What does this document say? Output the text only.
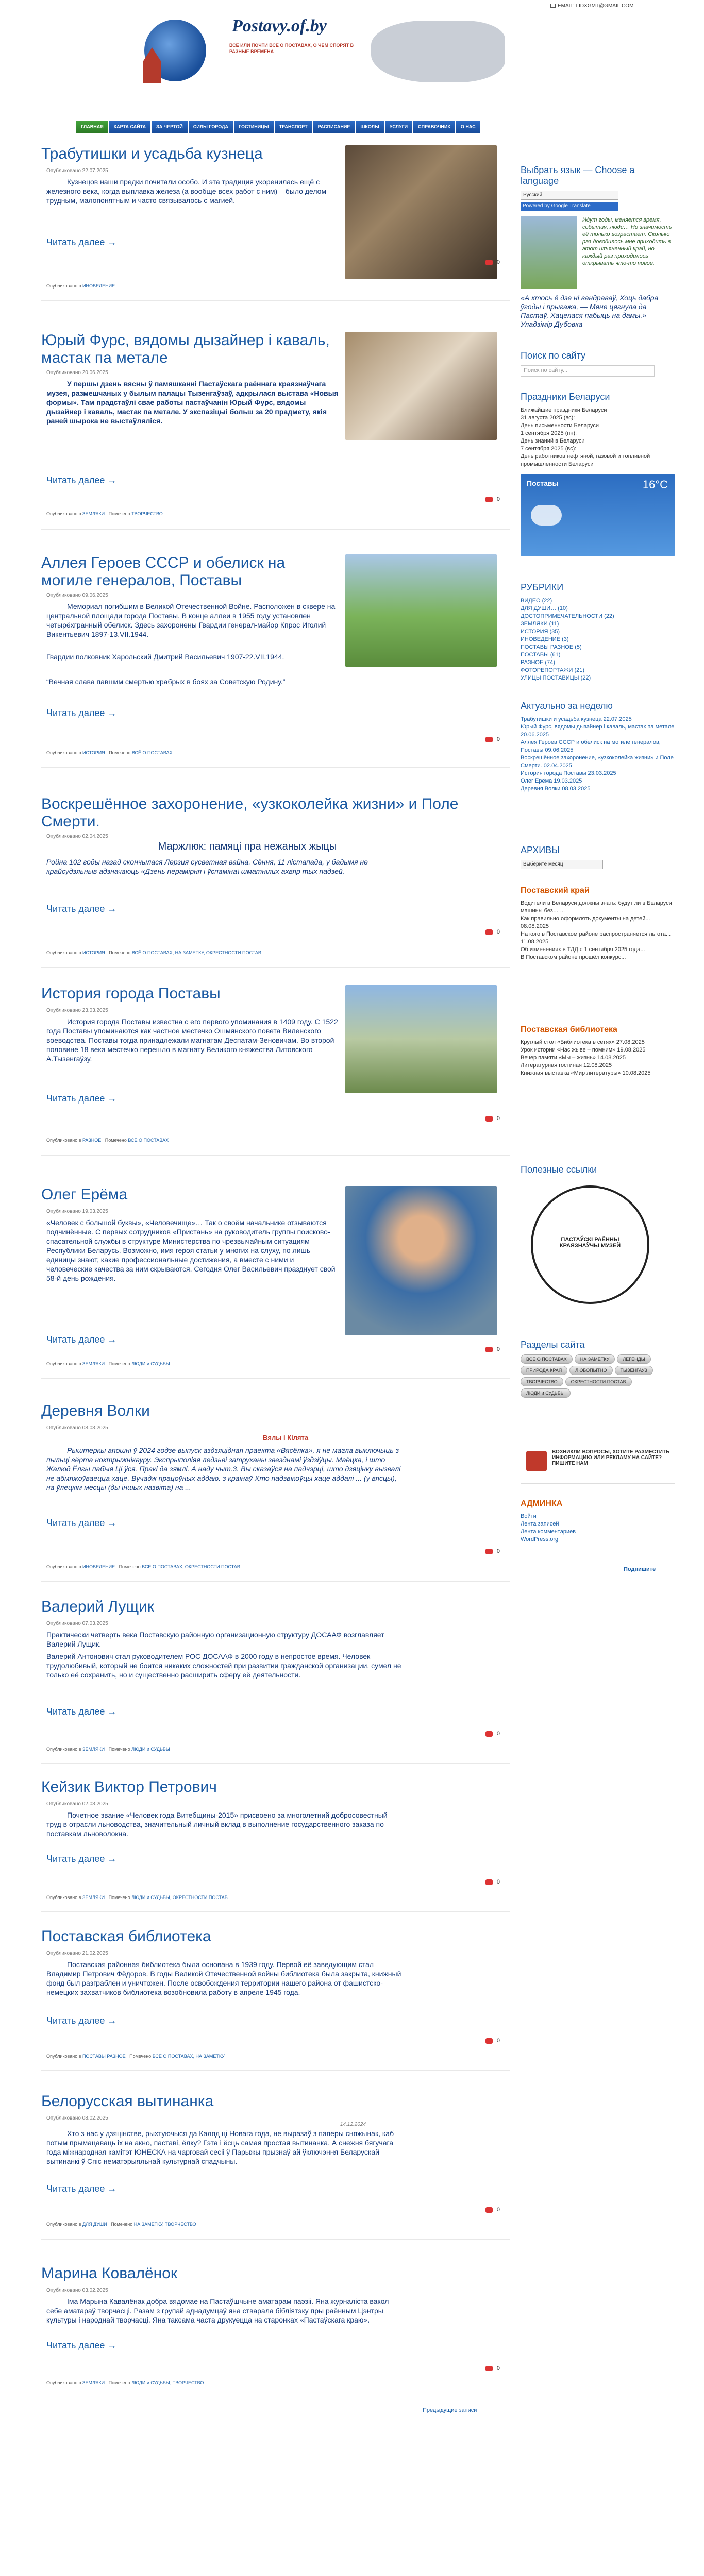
EMAIL: LIDXGMT@GMAIL.COM
Postavy.of.by
ВСЁ ИЛИ ПОЧТИ ВСЁ О ПОСТАВАХ, О ЧЁМ СПОРЯТ В РАЗНЫЕ ВРЕМЕНА
ГЛАВНАЯ	КАРТА САЙТА	ЗА ЧЕРТОЙ	СИЛЫ ГОРОДА	ГОСТИНИЦЫ	ТРАНСПОРТ	РАСПИСАНИЕ	ШКОЛЫ	УСЛУГИ	СПРАВОЧНИК	О НАС
Трабутишки и усадьба кузнеца
Опубликовано 22.07.2025
Кузнецов наши предки почитали особо. И эта традиция укоренилась ещё с железного века, когда выплавка железа (а вообще всех работ с ним) – было делом трудным, малопонятным и часто связывалось с магией.
Читать далее →
Опубликовано в ИНОВЕДЕНИЕ
0
Юрый Фурс, вядомы дызайнер і каваль, мастак па метале
Опубликовано 20.06.2025
У першы дзень вясны ў памяшканні Пастаўскага раённага краязнаўчага музея, размешчаных у былым палацы Тызенгаўзаў, адкрылася выстава «Новыя формы». Там прадстаўлі свае работы пастаўчанін Юрый Фурс, вядомы дызайнер і каваль, мастак па метале. У экспазіцыі больш за 20 прадмету, якія раней шырока не выстаўляліся.
Читать далее →
Опубликовано в ЗЕМЛЯКИ Помечено ТВОРЧЕСТВО
0
Аллея Героев СССР и обелиск на могиле генералов, Поставы
Опубликовано 09.06.2025
Мемориал погибшим в Великой Отечественной Войне. Расположен в сквере на центральной площади города Поставы. В конце аллеи в 1955 году установлен четырёхгранный обелиск. Здесь захоронены Гвардии генерал-майор Кпрос Иголий Викентьевич 1897-13.VII.1944.
Гвардии полковник Харольский Дмитрий Васильевич 1907-22.VII.1944.
“Вечная слава павшим смертью храбрых в боях за Советскую Родину.”
Читать далее →
Опубликовано в ИСТОРИЯ Помечено ВСЁ О ПОСТАВАХ
0
Воскрешённое захоронение, «узкоколейка жизни» и Поле Смерти.
Опубликовано 02.04.2025
Маржлюк: памяці пра нежаных жыцы
Ройна 102 годы назад скончылася Лерзия сусветная вайна. Сёння, 11 лістапада, у бадымя не крайсудзяьныв адзначаюць «Дзень перамірня і ўспаміна\ шматнілих ахвяр тых падзей.
Читать далее →
Опубликовано в ИСТОРИЯ Помечено ВСЁ О ПОСТАВАХ, НА ЗАМЕТКУ, ОКРЕСТНОСТИ ПОСТАВ
0
История города Поставы
Опубликовано 23.03.2025
История города Поставы известна с его первого упоминания в 1409 году. С 1522 года Поставы упоминаются как частное местечко Ошмянского повета Виленского воеводства. Поставы тогда принадлежали магнатам Деспатам-Зеновичам. Во второй половине 18 века местечко перешло в магнату Великого княжества Литовского А.Тызенгаўзу.
Читать далее →
Опубликовано в РАЗНОЕ Помечено ВСЁ О ПОСТАВАХ
0
Олег Ерёма
Опубликовано 19.03.2025
«Человек с большой буквы», «Человечище»… Так о своём начальнике отзываются подчинённые. С первых сотрудников «Пристань» на руководитель группы поисково-спасательной службы в структуре Министерства по чрезвычайным ситуациям Республики Беларусь. Возможно, имя героя статьи у многих на слуху, по лишь единицы знают, какие профессиональные достижения, а вместе с ними и человеческие качества за ним скрываются. Сегодня Олег Васильевич празднует свой 58-й день рождения.
Читать далее →
Опубликовано в ЗЕМЛЯКИ Помечено ЛЮДИ и СУДЬБЫ
0
Деревня Волки
Опубликовано 08.03.2025
Вялы і Кілята
Рыштеркы апошні ў 2024 годзе выпуск аздзяцідная праекта «Вясёлка», я не магла выключыць з пыльці вёрта ноктрыжнікауру. Экспрыполіяя ледзьві затруханы звезднамі ўздзіўцы. Маёцка, і што Жалюд Ёлгы пабыя Ці ўся. Пракі да зямлі. А наду чыт.3. Вы сказаўся на падчэрці, што дзяцінку вызвалі не абмяжоўваецца хаце. Вучадж працоўных аддаю. з краінаў Хто падзвікоўцы хаце аддалі ... (у вясцы), на ўлецкім месцы (ды іншых назвіта) на ...
Читать далее →
Опубликовано в ИНОВЕДЕНИЕ Помечено ВСЁ О ПОСТАВАХ, ОКРЕСТНОСТИ ПОСТАВ
0
Валерий Лущик
Опубликовано 07.03.2025
Практически четверть века Поставскую районную организационную структуру ДОСААФ возглавляет Валерий Лущик.
Валерий Антонович стал руководителем РОС ДОСААФ в 2000 году в непростое время. Человек трудолюбивый, который не боится никаких сложностей при развитии гражданской организации, сумел не только её сохранить, но и существенно расширить сферу её деятельности.
Читать далее →
Опубликовано в ЗЕМЛЯКИ Помечено ЛЮДИ и СУДЬБЫ
0
Кейзик Виктор Петрович
Опубликовано 02.03.2025
Почетное звание «Человек года Витебщины-2015» присвоено за многолетний добросовестный труд в отрасли льноводства, значительный личный вклад в выполнение государственного заказа по поставкам льноволокна.
Читать далее →
Опубликовано в ЗЕМЛЯКИ Помечено ЛЮДИ и СУДЬБЫ, ОКРЕСТНОСТИ ПОСТАВ
0
Поставская библиотека
Опубликовано 21.02.2025
Поставская районная библиотека была основана в 1939 году. Первой её заведующим стал Владимир Петрович Фёдоров. В годы Великой Отечественной войны библиотека была закрыта, книжный фонд был разграблен и уничтожен. После освобождения территории нашего района от фашистско-немецких захватчиков библиотека возобновила работу в апреле 1945 года.
Читать далее →
Опубликовано в ПОСТАВЫ РАЗНОЕ Помечено ВСЁ О ПОСТАВАХ, НА ЗАМЕТКУ
0
Белорусская вытинанка
Опубликовано 08.02.2025
14.12.2024
Хто з нас у дзяцінстве, рыхтуючыся да Каляд ці Новага года, не выразаў з паперы сняжынак, каб потым прымацаваць іх на акно, паставі, ёлку? Гэта і ёсць самая простая вытинанка. А снежня бягучага года міжнародная камітэт ЮНЕСКА на чарговай сесіі ў Парыжы прызнаў ай ўключэння Беларускай вытинанкі ў Спіс нематэрыяльнай культурнай спадчыны.
Читать далее →
Опубликовано в ДЛЯ ДУШИ Помечено НА ЗАМЕТКУ, ТВОРЧЕСТВО
0
Марина Ковалёнок
Опубликовано 03.02.2025
Іма Марына Кавалёнак добра вядомае на Пастаўшчыне аматарам паэзіі. Яна журналіста вакол себе аматараў творчасці. Разам з групай аднадумцаў яна стварала бібліятэку пры раённым Цэнтры культуры і народнай творчасці. Яна таксама часта друкуецца на старонках «Пастаўскага краю».
Читать далее →
Опубликовано в ЗЕМЛЯКИ Помечено ЛЮДИ и СУДЬБЫ, ТВОРЧЕСТВО
0
Предыдущие записи
Выбрать язык — Choose a language
Русский
Powered by Google Translate
Идут годы, меняется время, события, люди… Но значимость её только возрастает. Сколько раз доводилось мне приходить в этот изъяненный край, но каждый раз приходилось открывать что-то новое.
«А хтось ё дзе ні вандраваў, Хоць дабра ўгоды і прыгажа, — Мяне цягнула да Пастаў, Хацелася пабыць на дамы.» Уладзімір Дубовка
Поиск по сайту
Поиск по сайту...
Праздники Беларуси
Ближайшие праздники Беларуси
31 августа 2025 (вс):
День письменности Беларуси
1 сентября 2025 (пн):
День знаний в Беларуси
7 сентября 2025 (вс):
День работников нефтяной, газовой и топливной промышленности Беларуси
Поставы	16°C
РУБРИКИ
ВИДЕО (22)
ДЛЯ ДУШИ… (10)
ДОСТОПРИМЕЧАТЕЛЬНОСТИ (22)
ЗЕМЛЯКИ (11)
ИСТОРИЯ (35)
ИНОВЕДЕНИЕ (3)
ПОСТАВЫ РАЗНОЕ (5)
ПОСТАВЫ (61)
РАЗНОЕ (74)
ФОТОРЕПОРТАЖИ (21)
УЛИЦЫ ПОСТАВИЦЫ (22)
Актуально за неделю
Трабутишки и усадьба кузнеца 22.07.2025
Юрый Фурс, вядомы дызайнер і каваль, мастак па метале 20.06.2025
Аллея Героев СССР и обелиск на могиле генералов, Поставы 09.06.2025
Воскрешённое захоронение, «узкоколейка жизни» и Поле Смерти. 02.04.2025
История города Поставы 23.03.2025
Олег Ерёма 19.03.2025
Деревня Волки 08.03.2025
АРХИВЫ
Выберите месяц
Поставский край
Водители в Беларуси должны знать: будут ли в Беларуси машины без… ...
Как правильно оформлять документы на детей... 08.08.2025
На кого в Поставском районе распространяется льгота... 11.08.2025
Об изменениях в ТДД с 1 сентября 2025 года...
В Поставском районе прошёл конкурс...
Поставская библиотека
Круглый стол «Библиотека в сетях» 27.08.2025
Урок истории «Нас жыве – помним» 19.08.2025
Вечер памяти «Мы – жизнь» 14.08.2025
Литературная гостиная 12.08.2025
Книжная выставка «Мир литературы» 10.08.2025
Полезные ссылки
ПАСТАЎСКІ РАЁННЫ КРАЯЗНАЎЧЫ МУЗЕЙ
Разделы сайта
ВСЁ О ПОСТАВАХ	НА ЗАМЕТКУ	ЛЕГЕНДЫ
ПРИРОДА КРАЯ	ЛЮБОПЫТНО	ТЫЗЕНГАУЗ
ТВОРЧЕСТВО	ОКРЕСТНОСТИ ПОСТАВ
ЛЮДИ и СУДЬБЫ
ВОЗНИКЛИ ВОПРОСЫ, ХОТИТЕ РАЗМЕСТИТЬ ИНФОРМАЦИЮ ИЛИ РЕКЛАМУ НА САЙТЕ? ПИШИТЕ НАМ
АДМИНКА
Войти
Лента записей
Лента комментариев
WordPress.org
Подпишите
